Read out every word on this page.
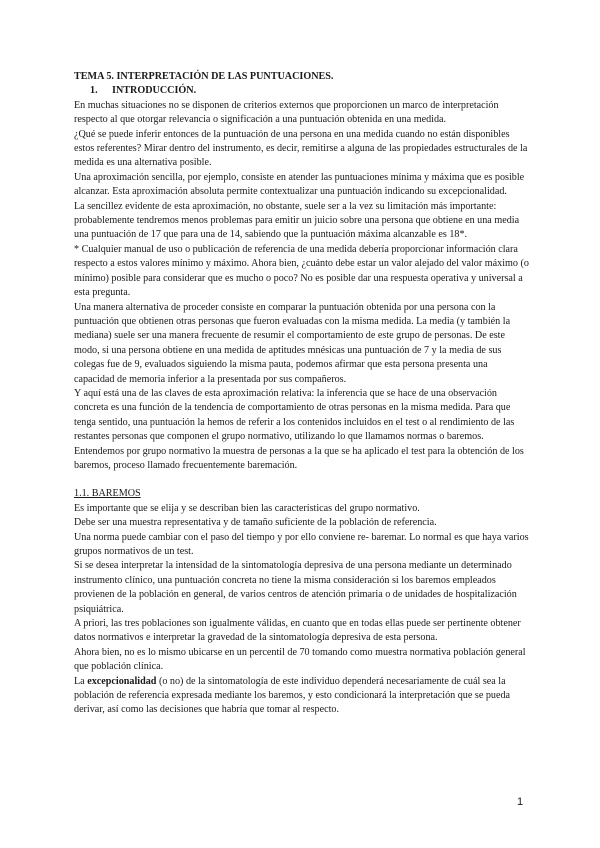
TEMA 5. INTERPRETACIÓN DE LAS PUNTUACIONES.

1. INTRODUCCIÓN.

En muchas situaciones no se disponen de criterios externos que proporcionen un marco de interpretación respecto al que otorgar relevancia o significación a una puntuación obtenida en una medida.

¿Qué se puede inferir entonces de la puntuación de una persona en una medida cuando no están disponibles estos referentes? Mirar dentro del instrumento, es decir, remitirse a alguna de las propiedades estructurales de la medida es una alternativa posible.

Una aproximación sencilla, por ejemplo, consiste en atender las puntuaciones mínima y máxima que es posible alcanzar. Esta aproximación absoluta permite contextualizar una puntuación indicando su excepcionalidad.

La sencillez evidente de esta aproximación, no obstante, suele ser a la vez su limitación más importante: probablemente tendremos menos problemas para emitir un juicio sobre una persona que obtiene en una media una puntuación de 17 que para una de 14, sabiendo que la puntuación máxima alcanzable es 18*.

* Cualquier manual de uso o publicación de referencia de una medida debería proporcionar información clara respecto a estos valores mínimo y máximo. Ahora bien, ¿cuánto debe estar un valor alejado del valor máximo (o mínimo) posible para considerar que es mucho o poco? No es posible dar una respuesta operativa y universal a esta pregunta.

Una manera alternativa de proceder consiste en comparar la puntuación obtenida por una persona con la puntuación que obtienen otras personas que fueron evaluadas con la misma medida. La media (y también la mediana) suele ser una manera frecuente de resumir el comportamiento de este grupo de personas. De este modo, si una persona obtiene en una medida de aptitudes mnésicas una puntuación de 7 y la media de sus colegas fue de 9, evaluados siguiendo la misma pauta, podemos afirmar que esta persona presenta una capacidad de memoria inferior a la presentada por sus compañeros.

Y aquí está una de las claves de esta aproximación relativa: la inferencia que se hace de una observación concreta es una función de la tendencia de comportamiento de otras personas en la misma medida. Para que tenga sentido, una puntuación la hemos de referir a los contenidos incluidos en el test o al rendimiento de las restantes personas que componen el grupo normativo, utilizando lo que llamamos normas o baremos. Entendemos por grupo normativo la muestra de personas a la que se ha aplicado el test para la obtención de los baremos, proceso llamado frecuentemente baremación.

1.1. BAREMOS

Es importante que se elija y se describan bien las características del grupo normativo.

Debe ser una muestra representativa y de tamaño suficiente de la población de referencia.

Una norma puede cambiar con el paso del tiempo y por ello conviene re- baremar. Lo normal es que haya varios grupos normativos de un test.

Si se desea interpretar la intensidad de la sintomatología depresiva de una persona mediante un determinado instrumento clínico, una puntuación concreta no tiene la misma consideración si los baremos empleados provienen de la población en general, de varios centros de atención primaria o de unidades de hospitalización psiquiátrica.

A priori, las tres poblaciones son igualmente válidas, en cuanto que en todas ellas puede ser pertinente obtener datos normativos e interpretar la gravedad de la sintomatología depresiva de esta persona.

Ahora bien, no es lo mismo ubicarse en un percentil de 70 tomando como muestra normativa población general que población clínica.

La excepcionalidad (o no) de la sintomatología de este individuo dependerá necesariamente de cuál sea la población de referencia expresada mediante los baremos, y esto condicionará la interpretación que se pueda derivar, así como las decisiones que habría que tomar al respecto.

1
